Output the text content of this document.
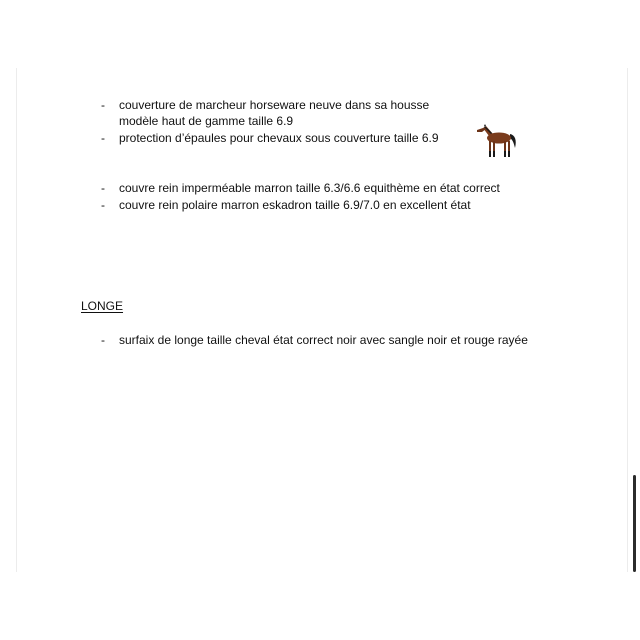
- couverture de marcheur horseware neuve dans sa housse
modèle haut de gamme taille 6.9
- protection d’épaules pour chevaux sous couverture taille 6.9
- couvre rein imperméable marron taille 6.3/6.6 equithème en état correct
- couvre rein polaire marron eskadron taille 6.9/7.0 en excellent état
LONGE
- surfaix de longe taille cheval état correct noir avec sangle noir et rouge rayée
